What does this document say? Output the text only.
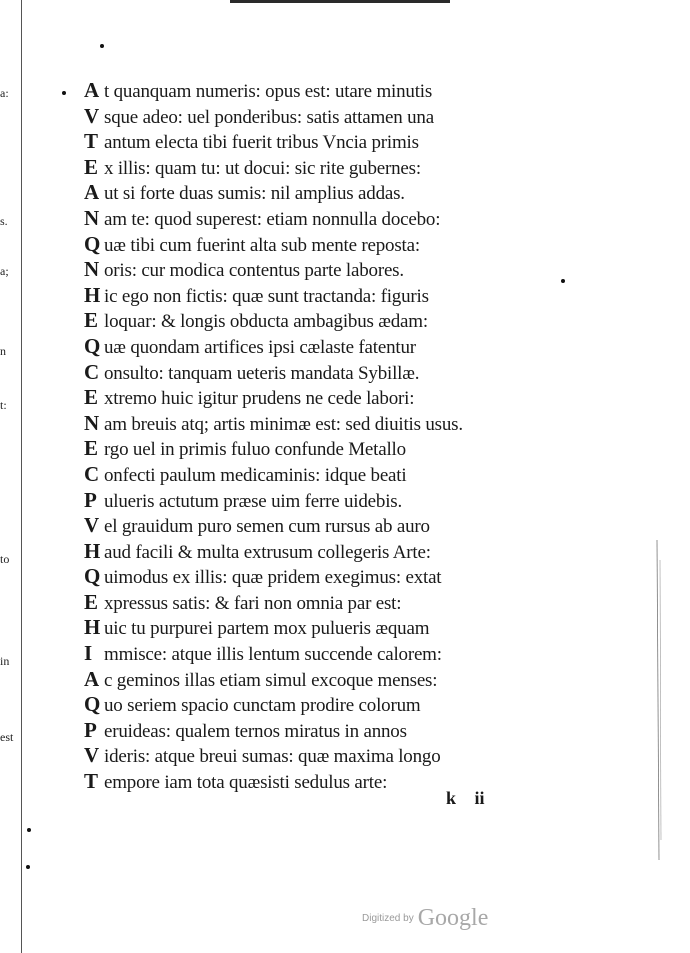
a:
s.
a;
n
t:
to
in
est
A t quanquam numeris: opus est: utare minutis
V sque adeo: uel ponderibus: satis attamen una
T antum electa tibi fuerit tribus Vncia primis
E x illis: quam tu: ut docui: sic rite gubernes:
A ut si forte duas sumis: nil amplius addas.
N am te: quod superest: etiam nonnulla docebo:
Q uæ tibi cum fuerint alta sub mente reposta:
N oris: cur modica contentus parte labores.
H ic ego non fictis: quæ sunt tractanda: figuris
E loquar: & longis obducta ambagibus ædam:
Q uæ quondam artifices ipsi cælaste fatentur
C onsulto: tanquam ueteris mandata Sybillæ.
E xtremo huic igitur prudens ne cede labori:
N am breuis atq; artis minimæ est: sed diuitis usus.
E rgo uel in primis fuluo confunde Metallo
C onfecti paulum medicaminis: idque beati
P ulueris actutum præse uim ferre uidebis.
V el grauidum puro semen cum rursus ab auro
H aud facili & multa extrusum collegeris Arte:
Q uimodus ex illis: quæ pridem exegimus: extat
E xpressus satis: & fari non omnia par est:
H uic tu purpurei partem mox pulueris æquam
I mmisce: atque illis lentum succende calorem:
A c geminos illas etiam simul excoque menses:
Q uo seriem spacio cunctam prodire colorum
P eruideas: qualem ternos miratus in annos
V ideris: atque breui sumas: quæ maxima longo
T empore iam tota quæsisti sedulus arte:
k ii
Digitized by Google
